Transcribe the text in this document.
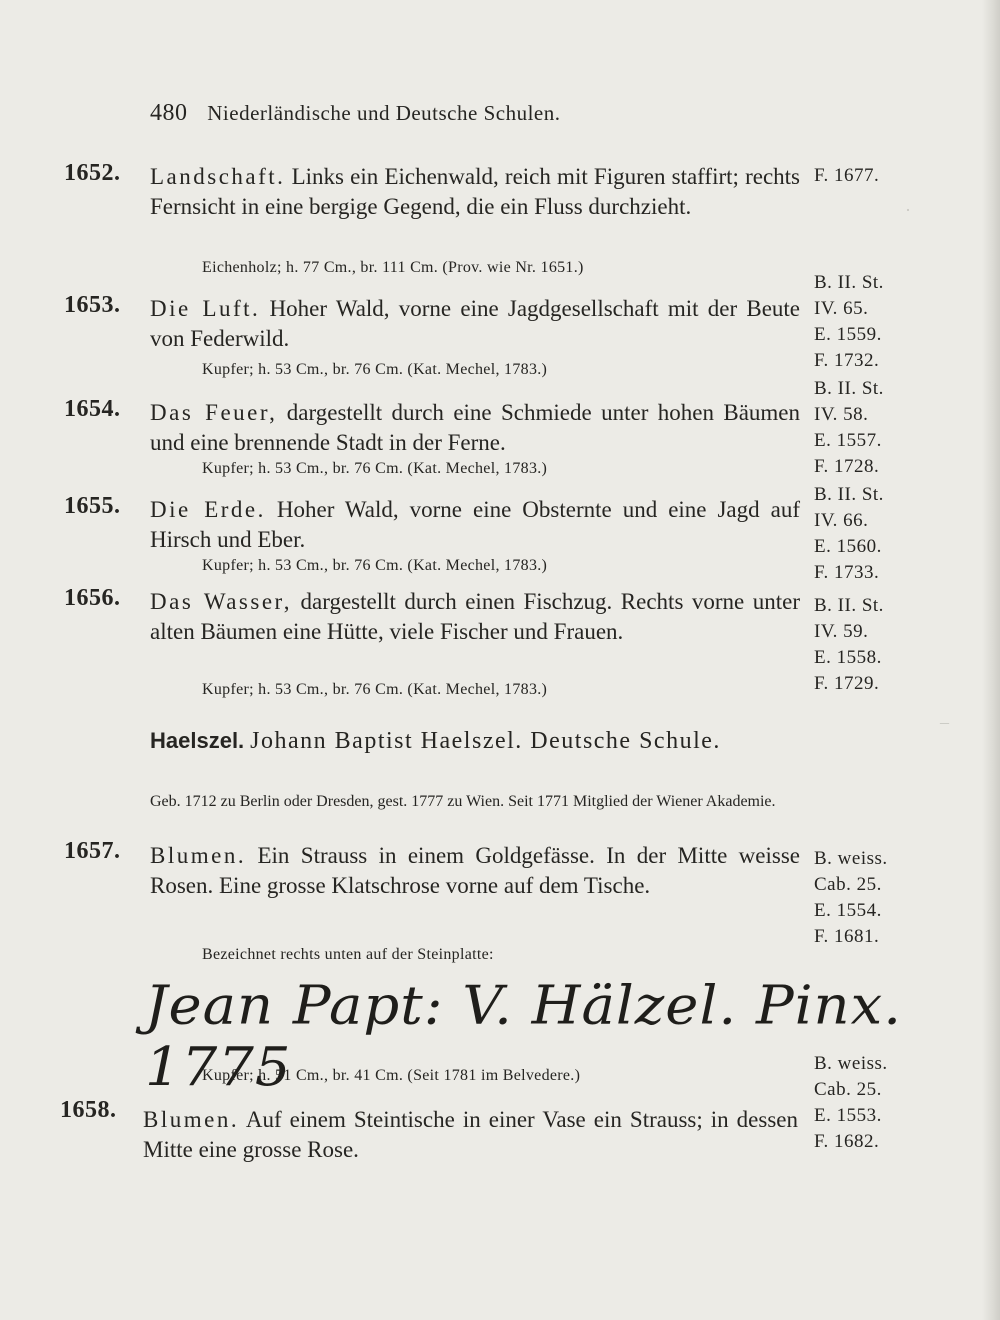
·
–
480 Niederländische und Deutsche Schulen.
1652. Landschaft. Links ein Eichenwald, reich mit Figuren staffirt; rechts Fernsicht in eine bergige Gegend, die ein Fluss durchzieht.
Eichenholz; h. 77 Cm., br. 111 Cm. (Prov. wie Nr. 1651.)
F. 1677.
1653. Die Luft. Hoher Wald, vorne eine Jagdgesellschaft mit der Beute von Federwild.
Kupfer; h. 53 Cm., br. 76 Cm. (Kat. Mechel, 1783.)
B. II. St.
IV. 65.
E. 1559.
F. 1732.
1654. Das Feuer, dargestellt durch eine Schmiede unter hohen Bäumen und eine brennende Stadt in der Ferne.
Kupfer; h. 53 Cm., br. 76 Cm. (Kat. Mechel, 1783.)
B. II. St.
IV. 58.
E. 1557.
F. 1728.
1655. Die Erde. Hoher Wald, vorne eine Obsternte und eine Jagd auf Hirsch und Eber.
Kupfer; h. 53 Cm., br. 76 Cm. (Kat. Mechel, 1783.)
B. II. St.
IV. 66.
E. 1560.
F. 1733.
1656. Das Wasser, dargestellt durch einen Fischzug. Rechts vorne unter alten Bäumen eine Hütte, viele Fischer und Frauen.
Kupfer; h. 53 Cm., br. 76 Cm. (Kat. Mechel, 1783.)
B. II. St.
IV. 59.
E. 1558.
F. 1729.
Haelszel. Johann Baptist Haelszel. Deutsche Schule.
Geb. 1712 zu Berlin oder Dresden, gest. 1777 zu Wien. Seit 1771 Mitglied der Wiener Akademie.
1657. Blumen. Ein Strauss in einem Goldgefässe. In der Mitte weisse Rosen. Eine grosse Klatschrose vorne auf dem Tische.
Bezeichnet rechts unten auf der Steinplatte:
Jean Papt: V. Hälzel. Pinx. 1775
Kupfer; h. 51 Cm., br. 41 Cm. (Seit 1781 im Belvedere.)
B. weiss.
Cab. 25.
E. 1554.
F. 1681.
1658. Blumen. Auf einem Steintische in einer Vase ein Strauss; in dessen Mitte eine grosse Rose.
B. weiss.
Cab. 25.
E. 1553.
F. 1682.
